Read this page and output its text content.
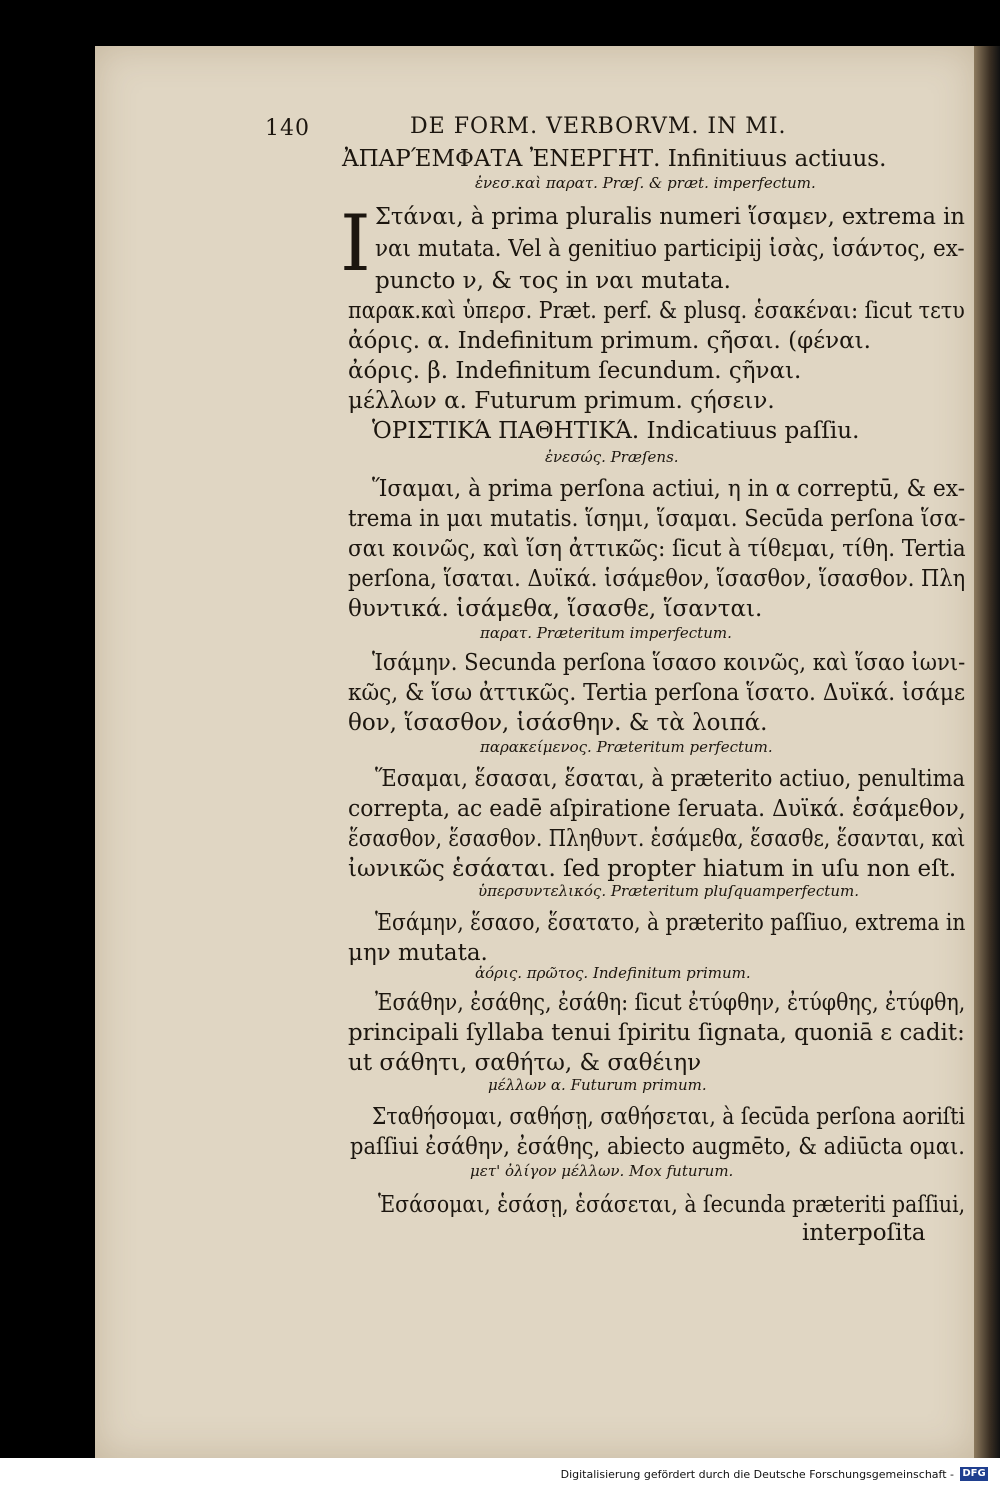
140	DE FORM. VERBORVM. IN MI.
I
ἈΠΑΡΈΜΦΑΤΑ ἘΝΕΡΓΗΤ. Infinitiuus actiuus.
ἐνεσ.καὶ παρατ. Præſ. & præt. imperfectum.
Στάναι, à prima pluralis numeri ἵσαμεν, extrema in
ναι mutata. Vel à genitiuo participij ἱσὰς, ἱσάντος, ex-
puncto ν, & τος in ναι mutata.
παρακ.καὶ ὑπερσ. Præt. perf. & plusq. ἑσακέναι: ſicut τετυ
ἀόρις. α. Indefinitum primum. ςῆσαι. (φέναι.
ἀόρις. β. Indefinitum ſecundum. ςῆναι.
μέλλων α. Futurum primum. ςήσειν.
ὉΡΙΣΤΙΚΆ ΠΑΘΗΤΙΚΆ. Indicatiuus paſſiu.
ἐνεσώς. Præſens.
Ἵσαμαι, à prima perſona actiui, η in α correptū, & ex-
trema in μαι mutatis. ἵσημι, ἵσαμαι. Secūda perſona ἵσα-
σαι κοινῶς, καὶ ἵση ἀττικῶς: ſicut à τίθεμαι, τίθη. Tertia
perſona, ἵσαται. Δυϊκά. ἱσάμεθον, ἵσασθον, ἵσασθον. Πλη
θυντικά. ἱσάμεθα, ἵσασθε, ἵσανται.
παρατ. Præteritum imperfectum.
Ἱσάμην. Secunda perſona ἵσασο κοινῶς, καὶ ἵσαο ἰωνι-
κῶς, & ἵσω ἀττικῶς. Tertia perſona ἵσατο. Δυϊκά. ἱσάμε
θον, ἵσασθον, ἱσάσθην. & τὰ λοιπά.
παρακείμενος. Præteritum perfectum.
Ἕσαμαι, ἕσασαι, ἕσαται, à præterito actiuo, penultima
correpta, ac eadē aſpiratione ſeruata. Δυϊκά. ἑσάμεθον,
ἕσασθον, ἕσασθον. Πληθυντ. ἑσάμεθα, ἕσασθε, ἕσανται, καὶ
ἰωνικῶς ἑσάαται. ſed propter hiatum in uſu non eſt.
ὑπερσυντελικός. Præteritum pluſquamperfectum.
Ἑσάμην, ἕσασο, ἕσατατο, à præterito paſſiuo, extrema in
μην mutata.
ἀόρις. πρῶτος. Indefinitum primum.
Ἐσάθην, ἐσάθης, ἐσάθη: ſicut ἐτύφθην, ἐτύφθης, ἐτύφθη,
principali ſyllaba tenui ſpiritu ſignata, quoniā ε cadit:
ut σάθητι, σαθήτω, & σαθέιην
μέλλων α. Futurum primum.
Σταθήσομαι, σαθήσῃ, σαθήσεται, à ſecūda perſona aoriſti
paſſiui ἐσάθην, ἐσάθης, abiecto augmēto, & adiūcta ομαι.
μετ' ὀλίγον μέλλων. Mox futurum.
Ἑσάσομαι, ἑσάσῃ, ἑσάσεται, à ſecunda præteriti paſſiui,
interpoſita
Digitalisierung gefördert durch die Deutsche Forschungsgemeinschaft - DFG
